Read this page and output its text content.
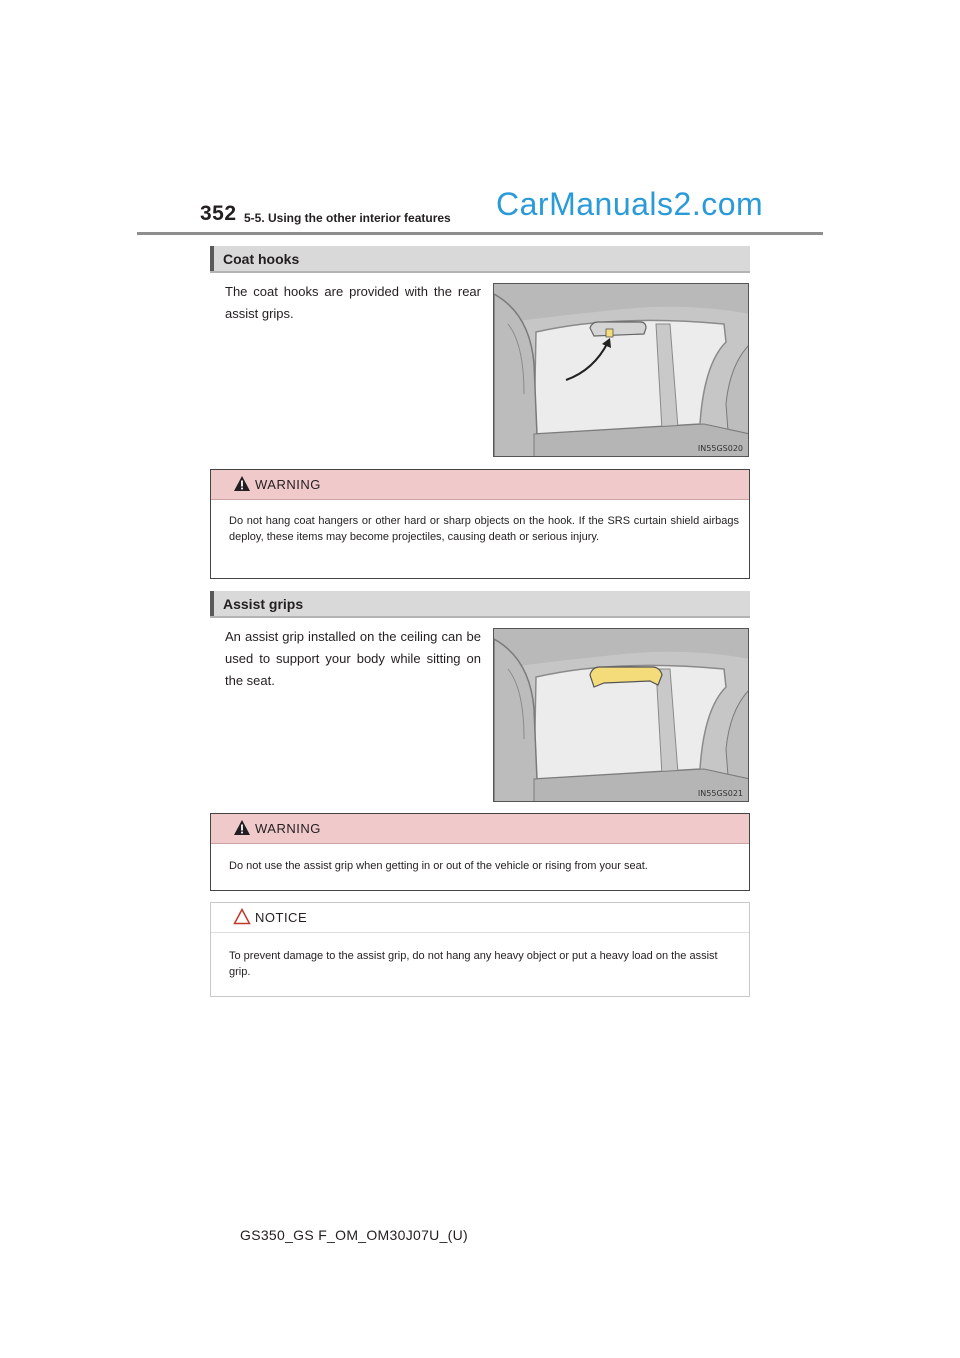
352 5-5. Using the other interior features CarManuals2.com
Coat hooks
The coat hooks are provided with the rear assist grips.
IN55GS020
WARNING
Do not hang coat hangers or other hard or sharp objects on the hook. If the SRS curtain shield airbags deploy, these items may become projectiles, causing death or serious injury.
Assist grips
An assist grip installed on the ceiling can be used to support your body while sitting on the seat.
IN55GS021
WARNING
Do not use the assist grip when getting in or out of the vehicle or rising from your seat.
NOTICE
To prevent damage to the assist grip, do not hang any heavy object or put a heavy load on the assist grip.
GS350_GS F_OM_OM30J07U_(U)
